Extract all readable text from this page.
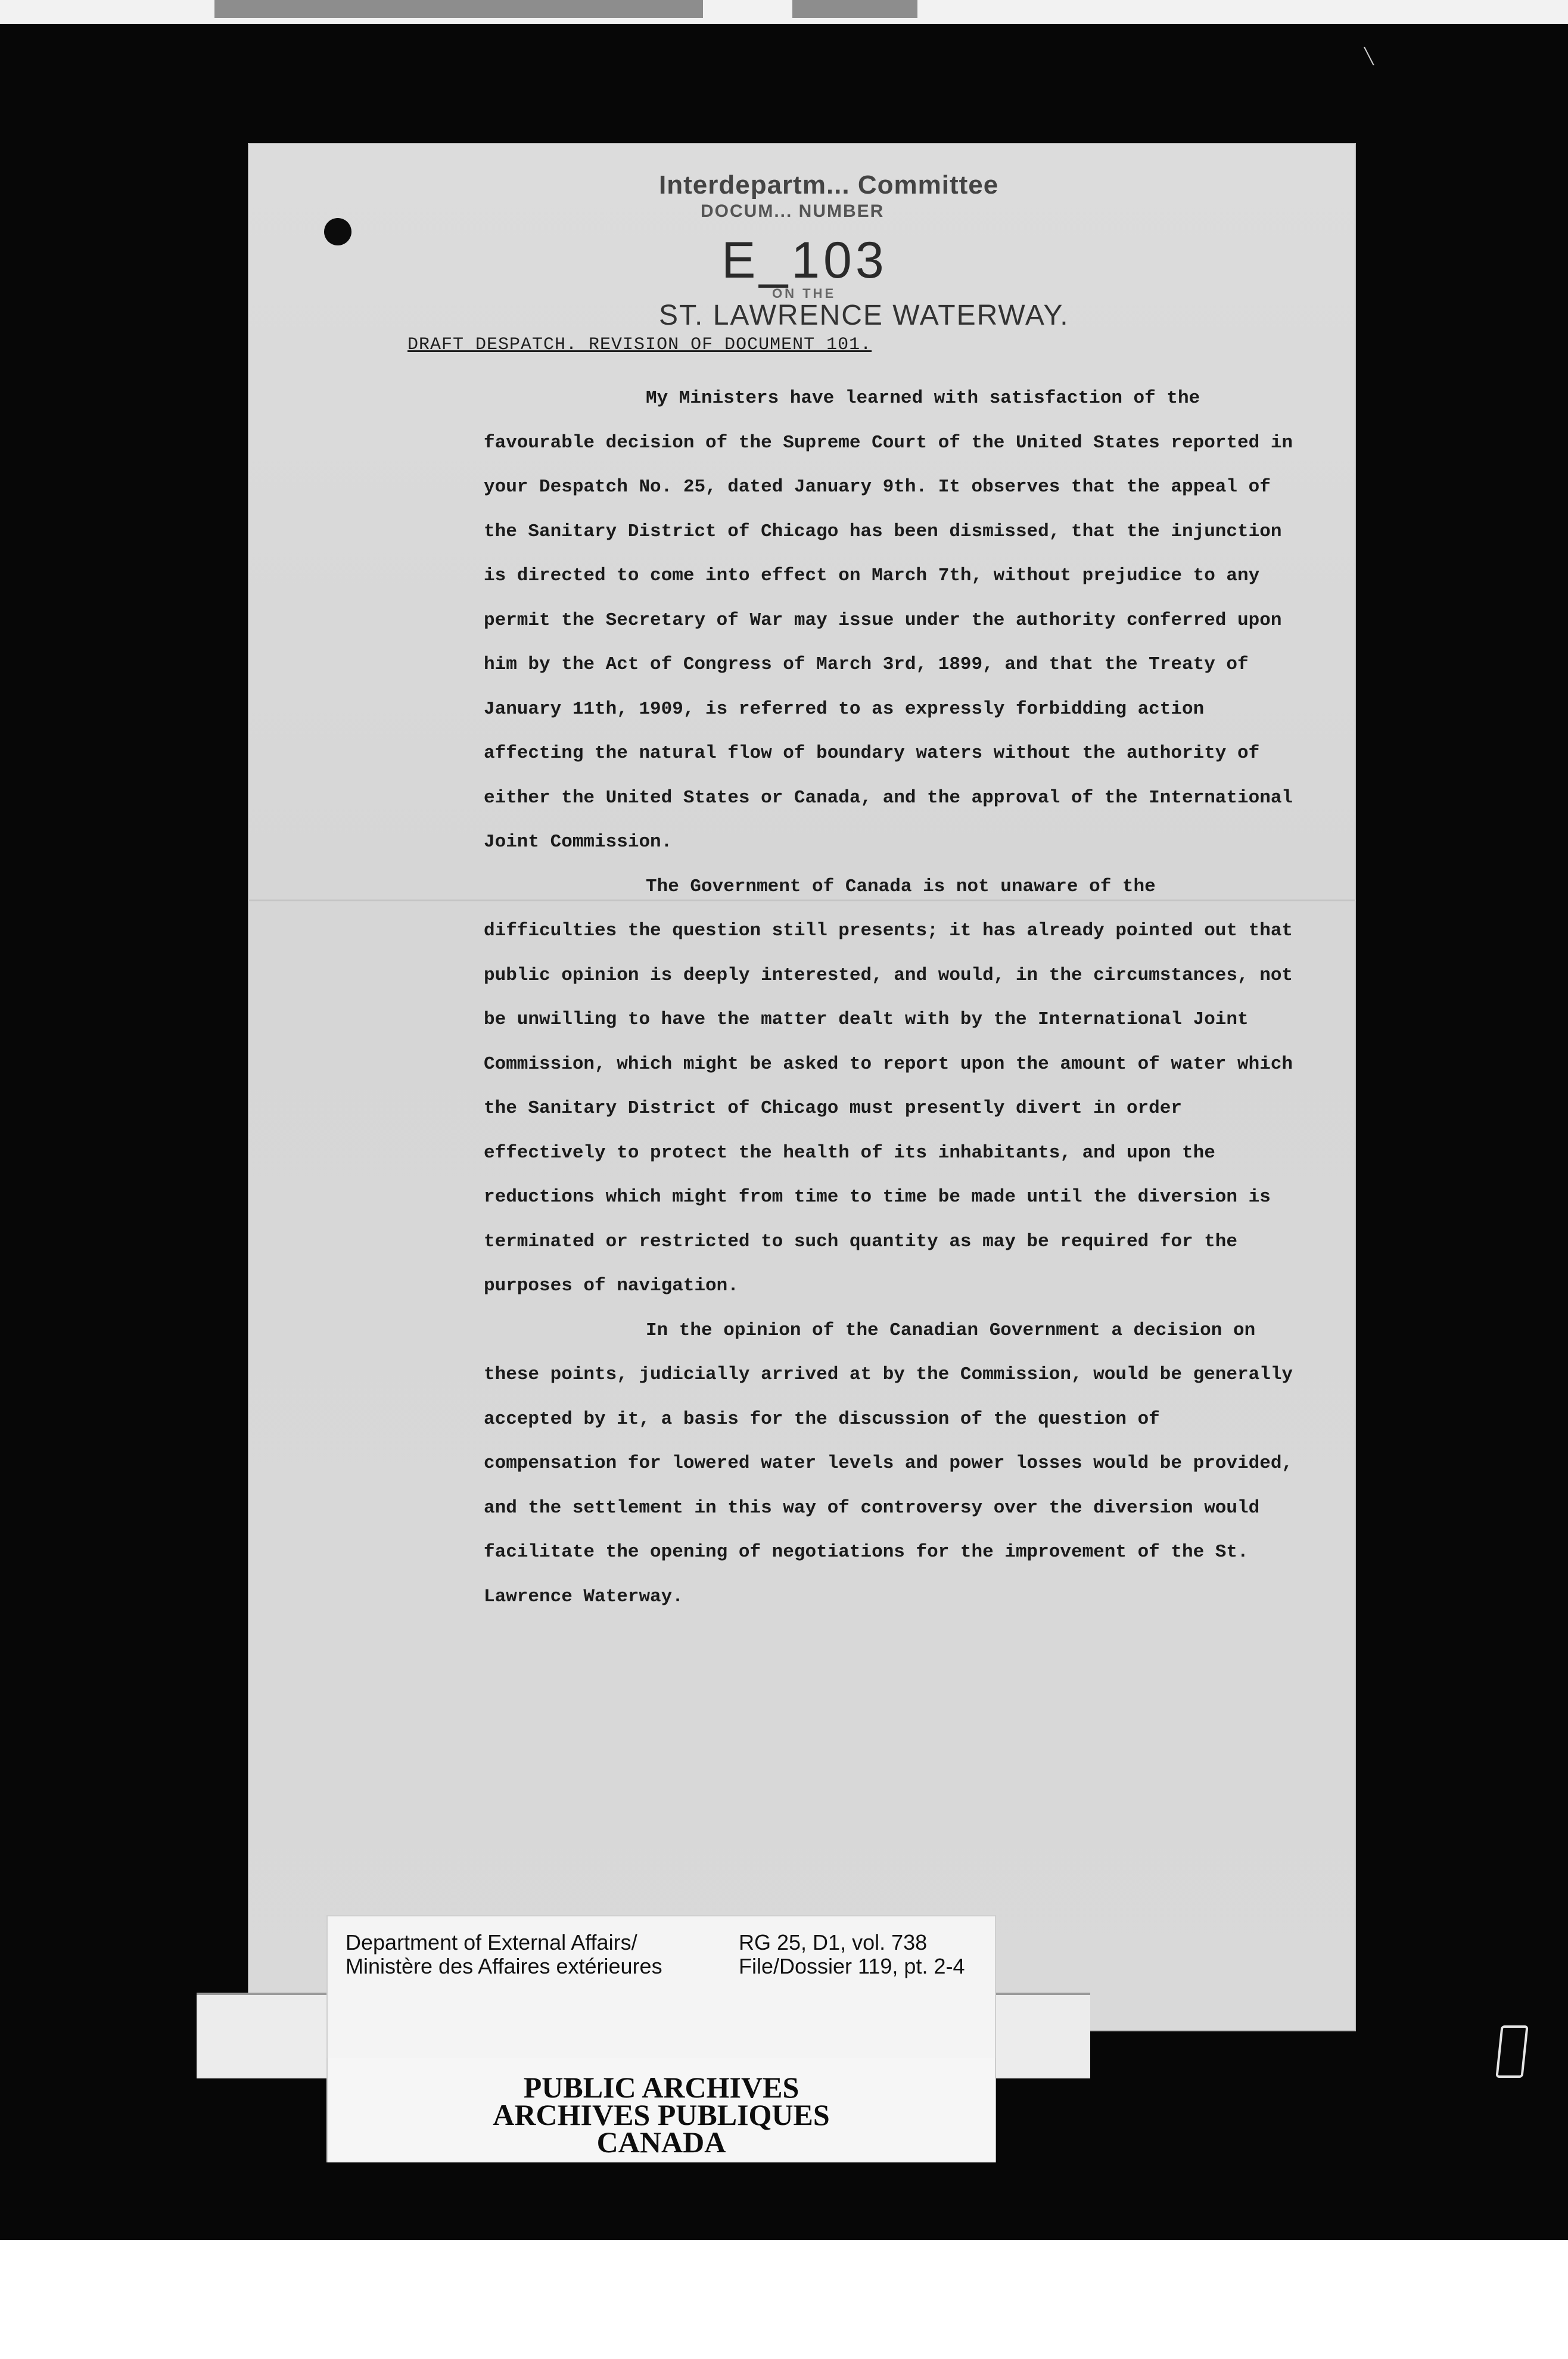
╲
Interdepartm... Committee
DOCUM... NUMBER
E_103
ON THE
ST. LAWRENCE WATERWAY.
DRAFT DESPATCH. REVISION OF DOCUMENT 101.

My Ministers have learned with satisfaction of the favourable decision of the Supreme Court of the United States reported in your Despatch No. 25, dated January 9th. It observes that the appeal of the Sanitary District of Chicago has been dismissed, that the injunction is directed to come into effect on March 7th, without prejudice to any permit the Secretary of War may issue under the authority conferred upon him by the Act of Congress of March 3rd, 1899, and that the Treaty of January 11th, 1909, is referred to as expressly forbidding action affecting the natural flow of boundary waters without the authority of either the United States or Canada, and the approval of the International Joint Commission.

The Government of Canada is not unaware of the difficulties the question still presents; it has already pointed out that public opinion is deeply interested, and would, in the circumstances, not be unwilling to have the matter dealt with by the International Joint Commission, which might be asked to report upon the amount of water which the Sanitary District of Chicago must presently divert in order effectively to protect the health of its inhabitants, and upon the reductions which might from time to time be made until the diversion is terminated or restricted to such quantity as may be required for the purposes of navigation.

In the opinion of the Canadian Government a decision on these points, judicially arrived at by the Commission, would be generally accepted by it, a basis for the discussion of the question of compensation for lowered water levels and power losses would be provided, and the settlement in this way of controversy over the diversion would facilitate the opening of negotiations for the improvement of the St. Lawrence Waterway.

Department of External Affairs/
Ministère des Affaires extérieures
RG 25, D1, vol. 738
File/Dossier 119, pt. 2-4
PUBLIC ARCHIVES
ARCHIVES PUBLIQUES
CANADA
